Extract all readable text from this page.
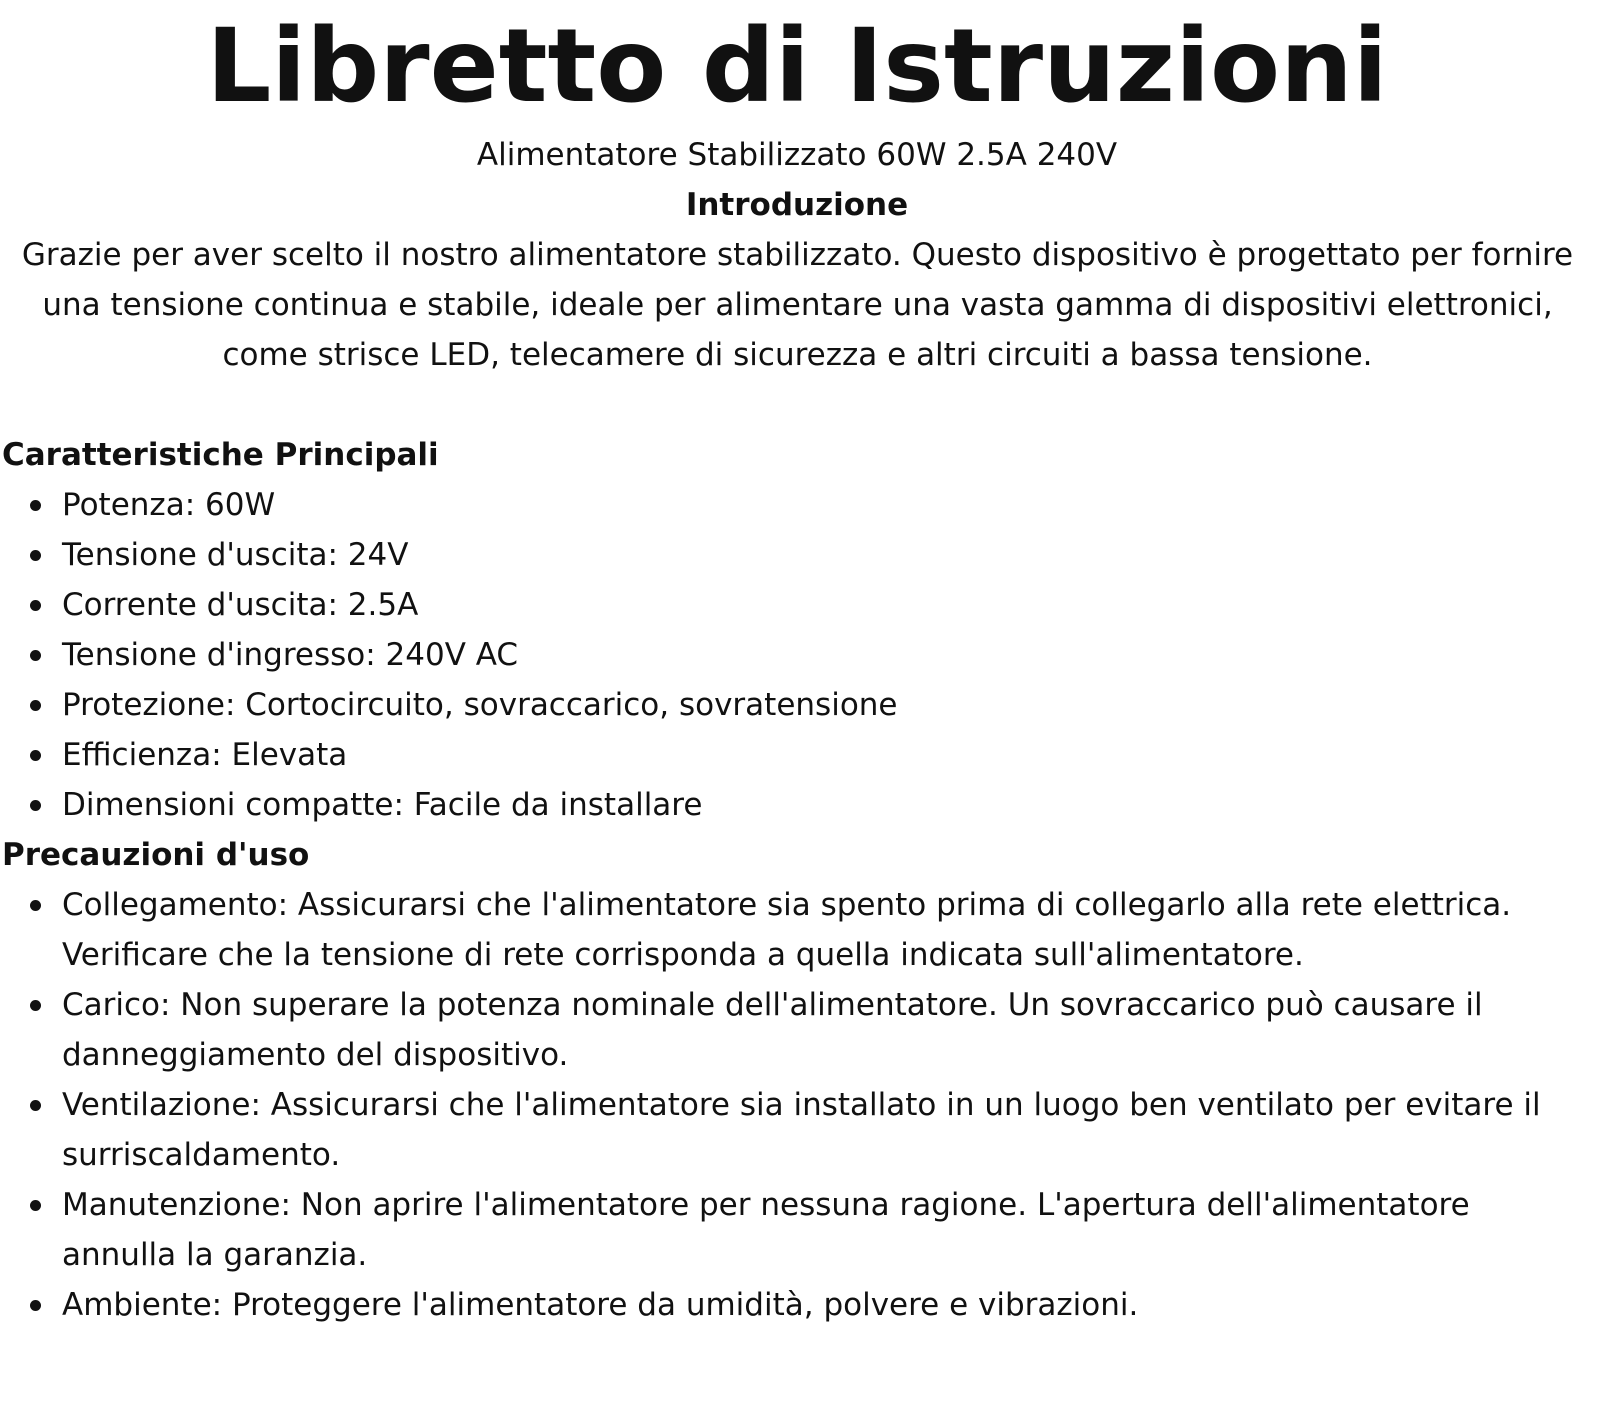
Libretto di Istruzioni

Alimentatore Stabilizzato 60W 2.5A 240V

Introduzione

Grazie per aver scelto il nostro alimentatore stabilizzato. Questo dispositivo è progettato per fornire una tensione continua e stabile, ideale per alimentare una vasta gamma di dispositivi elettronici, come strisce LED, telecamere di sicurezza e altri circuiti a bassa tensione.

Caratteristiche Principali

Potenza: 60W
Tensione d'uscita: 24V
Corrente d'uscita: 2.5A
Tensione d'ingresso: 240V AC
Protezione: Cortocircuito, sovraccarico, sovratensione
Efficienza: Elevata
Dimensioni compatte: Facile da installare

Precauzioni d'uso

Collegamento: Assicurarsi che l'alimentatore sia spento prima di collegarlo alla rete elettrica. Verificare che la tensione di rete corrisponda a quella indicata sull'alimentatore.
Carico: Non superare la potenza nominale dell'alimentatore. Un sovraccarico può causare il danneggiamento del dispositivo.
Ventilazione: Assicurarsi che l'alimentatore sia installato in un luogo ben ventilato per evitare il surriscaldamento.
Manutenzione: Non aprire l'alimentatore per nessuna ragione. L'apertura dell'alimentatore annulla la garanzia.
Ambiente: Proteggere l'alimentatore da umidità, polvere e vibrazioni.
